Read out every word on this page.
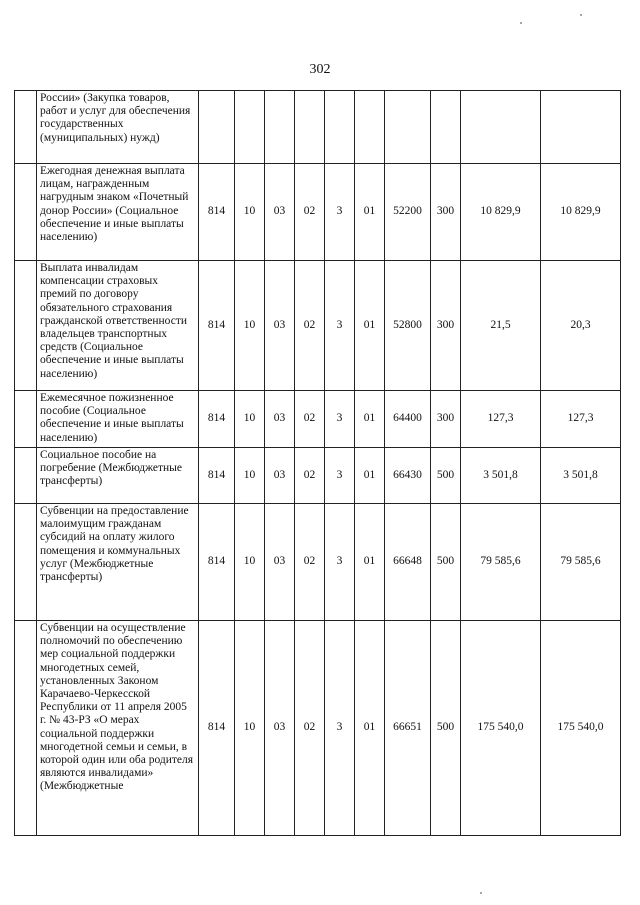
302
	России» (Закупка товаров, работ и услуг для обеспечения государственных (муниципальных) нужд)										
	Ежегодная денежная выплата лицам, награжденным нагрудным знаком «Почетный донор России» (Социальное обеспечение и иные выплаты населению)	814	10	03	02	3	01	52200	300	10 829,9	10 829,9
	Выплата инвалидам компенсации страховых премий по договору обязательного страхования гражданской ответственности владельцев транспортных средств (Социальное обеспечение и иные выплаты населению)	814	10	03	02	3	01	52800	300	21,5	20,3
	Ежемесячное пожизненное пособие (Социальное обеспечение и иные выплаты населению)	814	10	03	02	3	01	64400	300	127,3	127,3
	Социальное пособие на погребение (Межбюджетные трансферты)	814	10	03	02	3	01	66430	500	3 501,8	3 501,8
	Субвенции на предоставление малоимущим гражданам субсидий на оплату жилого помещения и коммунальных услуг (Межбюджетные трансферты)	814	10	03	02	3	01	66648	500	79 585,6	79 585,6
	Субвенции на осуществление полномочий по обеспечению мер социальной поддержки многодетных семей, установленных Законом Карачаево-Черкесской Республики от 11 апреля 2005 г. № 43-РЗ «О мерах социальной поддержки многодетной семьи и семьи, в которой один или оба родителя являются инвалидами» (Межбюджетные	814	10	03	02	3	01	66651	500	175 540,0	175 540,0
